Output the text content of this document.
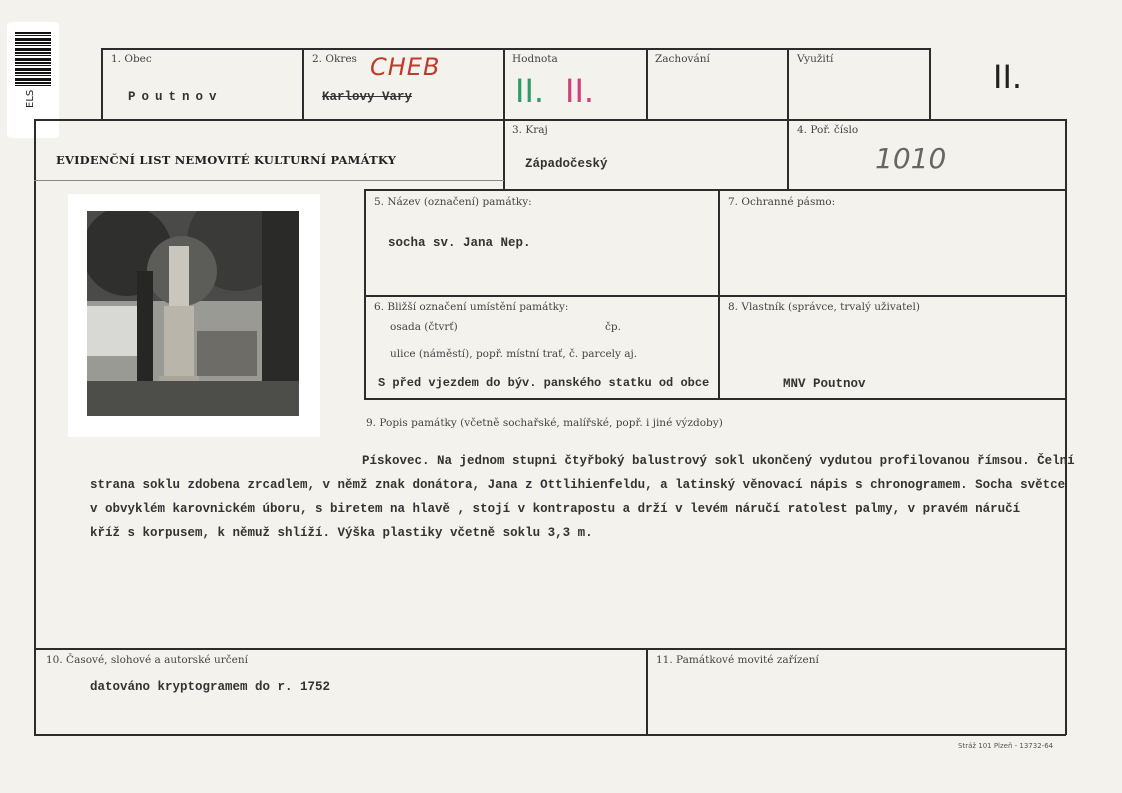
ELS
1. Obec
Poutnov
2. Okres CHEB
Karlovy Vary
Hodnota
II. II.
Zachování	Využití	II.
EVIDENČNÍ LIST NEMOVITÉ KULTURNÍ PAMÁTKY
3. Kraj
Západočeský
4. Poř. číslo
1010
5. Název (označení) památky:
socha sv. Jana Nep.
7. Ochranné pásmo:
6. Bližší označení umístění památky:
osada (čtvrť)	čp.
ulice (náměstí), popř. místní trať, č. parcely aj.
S před vjezdem do býv. panského statku od obce
8. Vlastník (správce, trvalý uživatel)
MNV Poutnov
9. Popis památky (včetně sochařské, malířské, popř. i jiné výzdoby)
Pískovec. Na jednom stupni čtyřboký balustrový sokl ukončený vydutou profilovanou římsou. Čelní
strana soklu zdobena zrcadlem, v němž znak donátora, Jana z Ottlihienfeldu, a latinský věnovací nápis s chronogramem. Socha světce
v obvyklém karovnickém úboru, s biretem na hlavě , stojí v kontrapostu a drží v levém náručí ratolest palmy, v pravém náručí
kříž s korpusem, k němuž shlíží. Výška plastiky včetně soklu 3,3 m.
10. Časové, slohové a autorské určení
datováno kryptogramem do r. 1752
11. Památkové movité zařízení
Stráž 101 Plzeň - 13732-64
